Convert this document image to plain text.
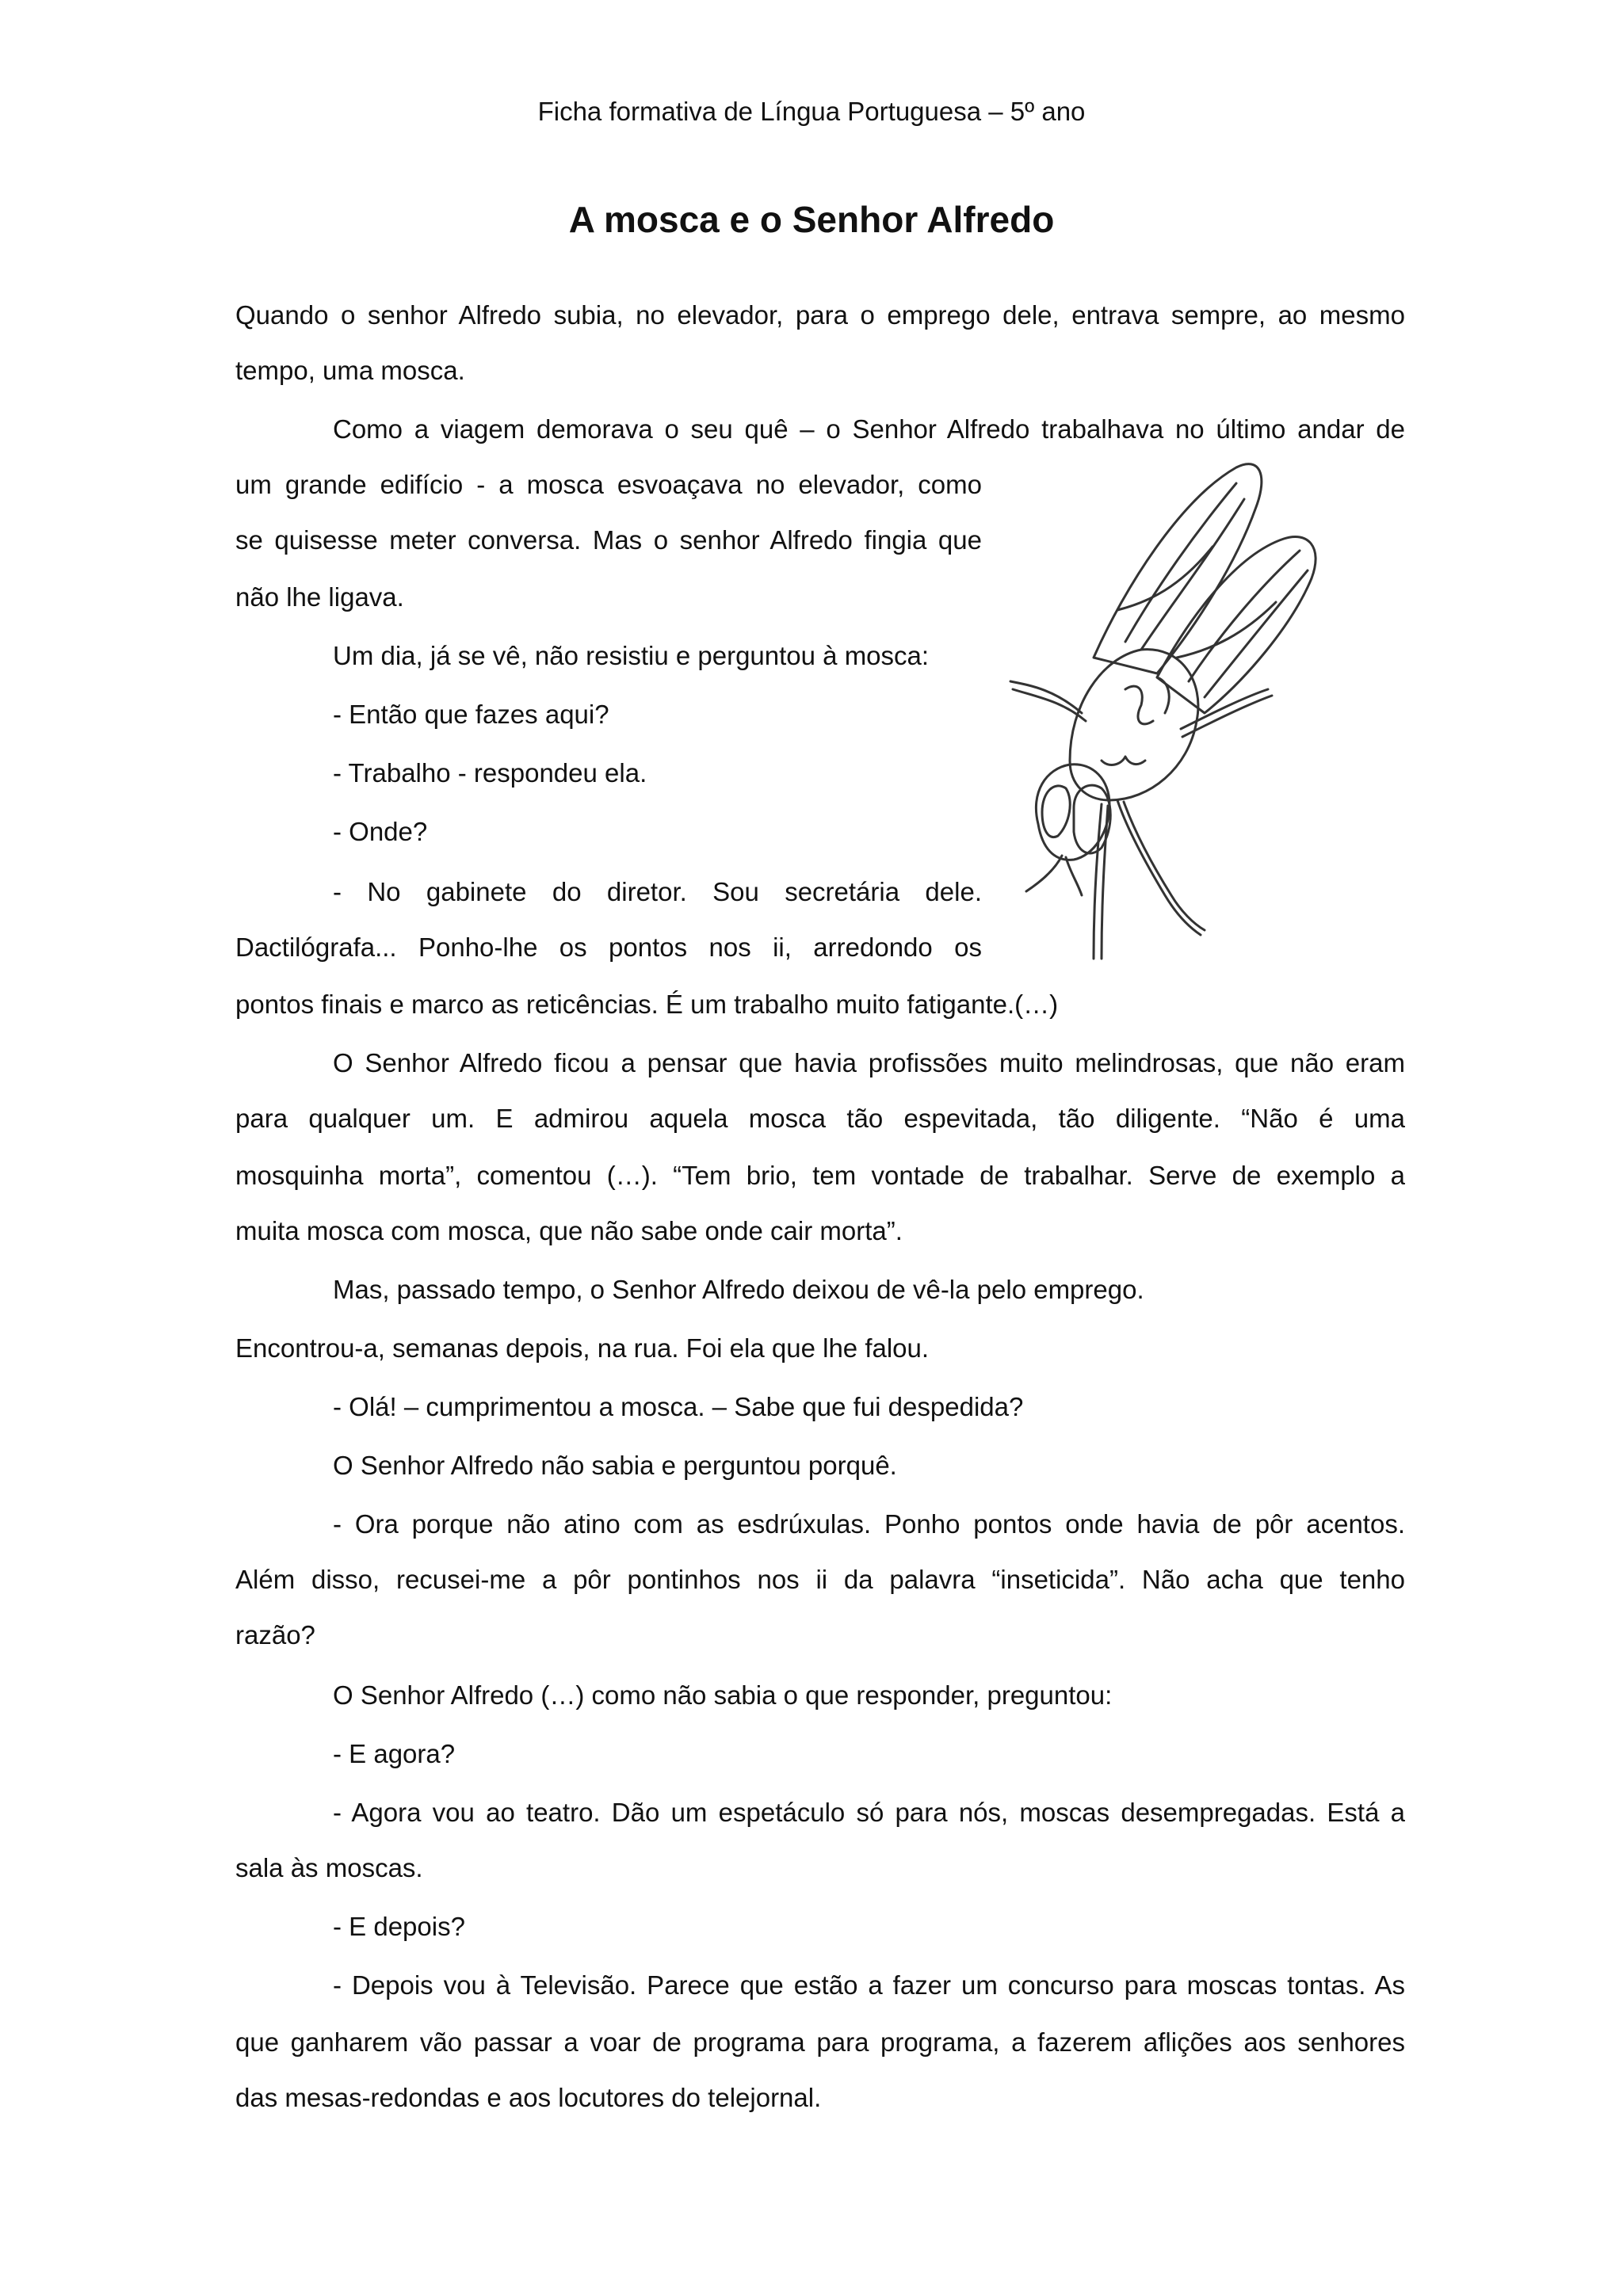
Ficha formativa de Língua Portuguesa – 5º ano
A mosca e o Senhor Alfredo
Quando o senhor Alfredo subia, no elevador, para o emprego dele, entrava sempre, ao mesmo
tempo, uma mosca.
Como a viagem demorava o seu quê – o Senhor Alfredo trabalhava no último andar de
um grande edifício - a mosca esvoaçava no elevador, como
se quisesse meter conversa. Mas o senhor Alfredo fingia que
não lhe ligava.
Um dia, já se vê, não resistiu e perguntou à mosca:
- Então que fazes aqui?
- Trabalho - respondeu ela.
- Onde?
- No gabinete do diretor. Sou secretária dele.
Dactilógrafa... Ponho-lhe os pontos nos ii, arredondo os
pontos finais e marco as reticências. É um trabalho muito fatigante.(…)
O Senhor Alfredo ficou a pensar que havia profissões muito melindrosas, que não eram
para qualquer um. E admirou aquela mosca tão espevitada, tão diligente. “Não é uma
mosquinha morta”, comentou (…). “Tem brio, tem vontade de trabalhar. Serve de exemplo a
muita mosca com mosca, que não sabe onde cair morta”.
Mas, passado tempo, o Senhor Alfredo deixou de vê-la pelo emprego.
Encontrou-a, semanas depois, na rua. Foi ela que lhe falou.
- Olá! – cumprimentou a mosca. – Sabe que fui despedida?
O Senhor Alfredo não sabia e perguntou porquê.
- Ora porque não atino com as esdrúxulas. Ponho pontos onde havia de pôr acentos.
Além disso, recusei-me a pôr pontinhos nos ii da palavra “inseticida”. Não acha que tenho
razão?
O Senhor Alfredo (…) como não sabia o que responder, preguntou:
- E agora?
- Agora vou ao teatro. Dão um espetáculo só para nós, moscas desempregadas. Está a
sala às moscas.
- E depois?
- Depois vou à Televisão. Parece que estão a fazer um concurso para moscas tontas. As
que ganharem vão passar a voar de programa para programa, a fazerem aflições aos senhores
das mesas-redondas e aos locutores do telejornal.
